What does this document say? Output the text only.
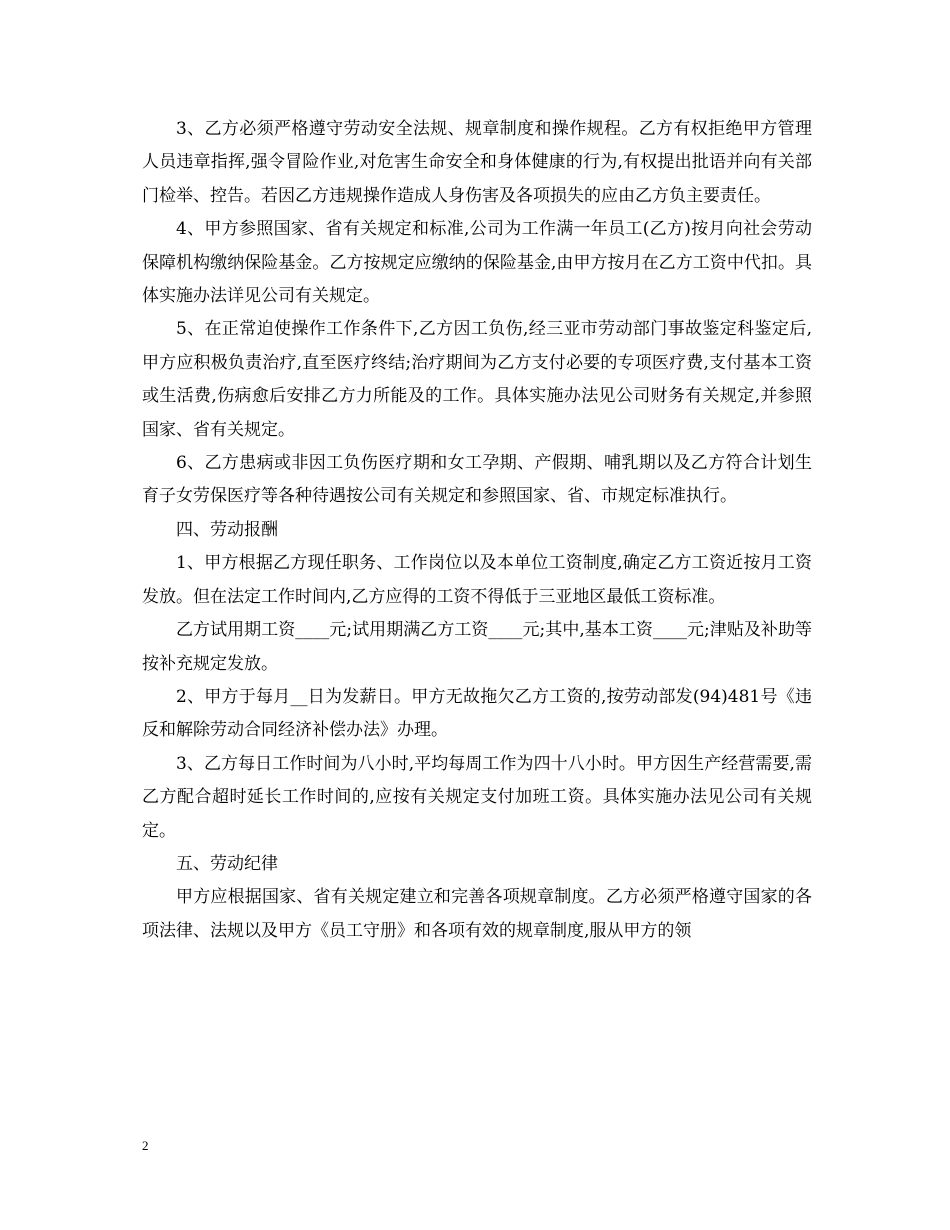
3、乙方必须严格遵守劳动安全法规、规章制度和操作规程。乙方有权拒绝甲方管理人员违章指挥,强令冒险作业,对危害生命安全和身体健康的行为,有权提出批语并向有关部门检举、控告。若因乙方违规操作造成人身伤害及各项损失的应由乙方负主要责任。

4、甲方参照国家、省有关规定和标准,公司为工作满一年员工(乙方)按月向社会劳动保障机构缴纳保险基金。乙方按规定应缴纳的保险基金,由甲方按月在乙方工资中代扣。具体实施办法详见公司有关规定。

5、在正常迫使操作工作条件下,乙方因工负伤,经三亚市劳动部门事故鉴定科鉴定后,甲方应积极负责治疗,直至医疗终结;治疗期间为乙方支付必要的专项医疗费,支付基本工资或生活费,伤病愈后安排乙方力所能及的工作。具体实施办法见公司财务有关规定,并参照国家、省有关规定。

6、乙方患病或非因工负伤医疗期和女工孕期、产假期、哺乳期以及乙方符合计划生育子女劳保医疗等各种待遇按公司有关规定和参照国家、省、市规定标准执行。

四、劳动报酬

1、甲方根据乙方现任职务、工作岗位以及本单位工资制度,确定乙方工资近按月工资发放。但在法定工作时间内,乙方应得的工资不得低于三亚地区最低工资标准。

乙方试用期工资____元;试用期满乙方工资____元;其中,基本工资____元;津贴及补助等按补充规定发放。

2、甲方于每月__日为发薪日。甲方无故拖欠乙方工资的,按劳动部发(94)481号《违反和解除劳动合同经济补偿办法》办理。

3、乙方每日工作时间为八小时,平均每周工作为四十八小时。甲方因生产经营需要,需乙方配合超时延长工作时间的,应按有关规定支付加班工资。具体实施办法见公司有关规定。

五、劳动纪律

甲方应根据国家、省有关规定建立和完善各项规章制度。乙方必须严格遵守国家的各项法律、法规以及甲方《员工守册》和各项有效的规章制度,服从甲方的领

2
